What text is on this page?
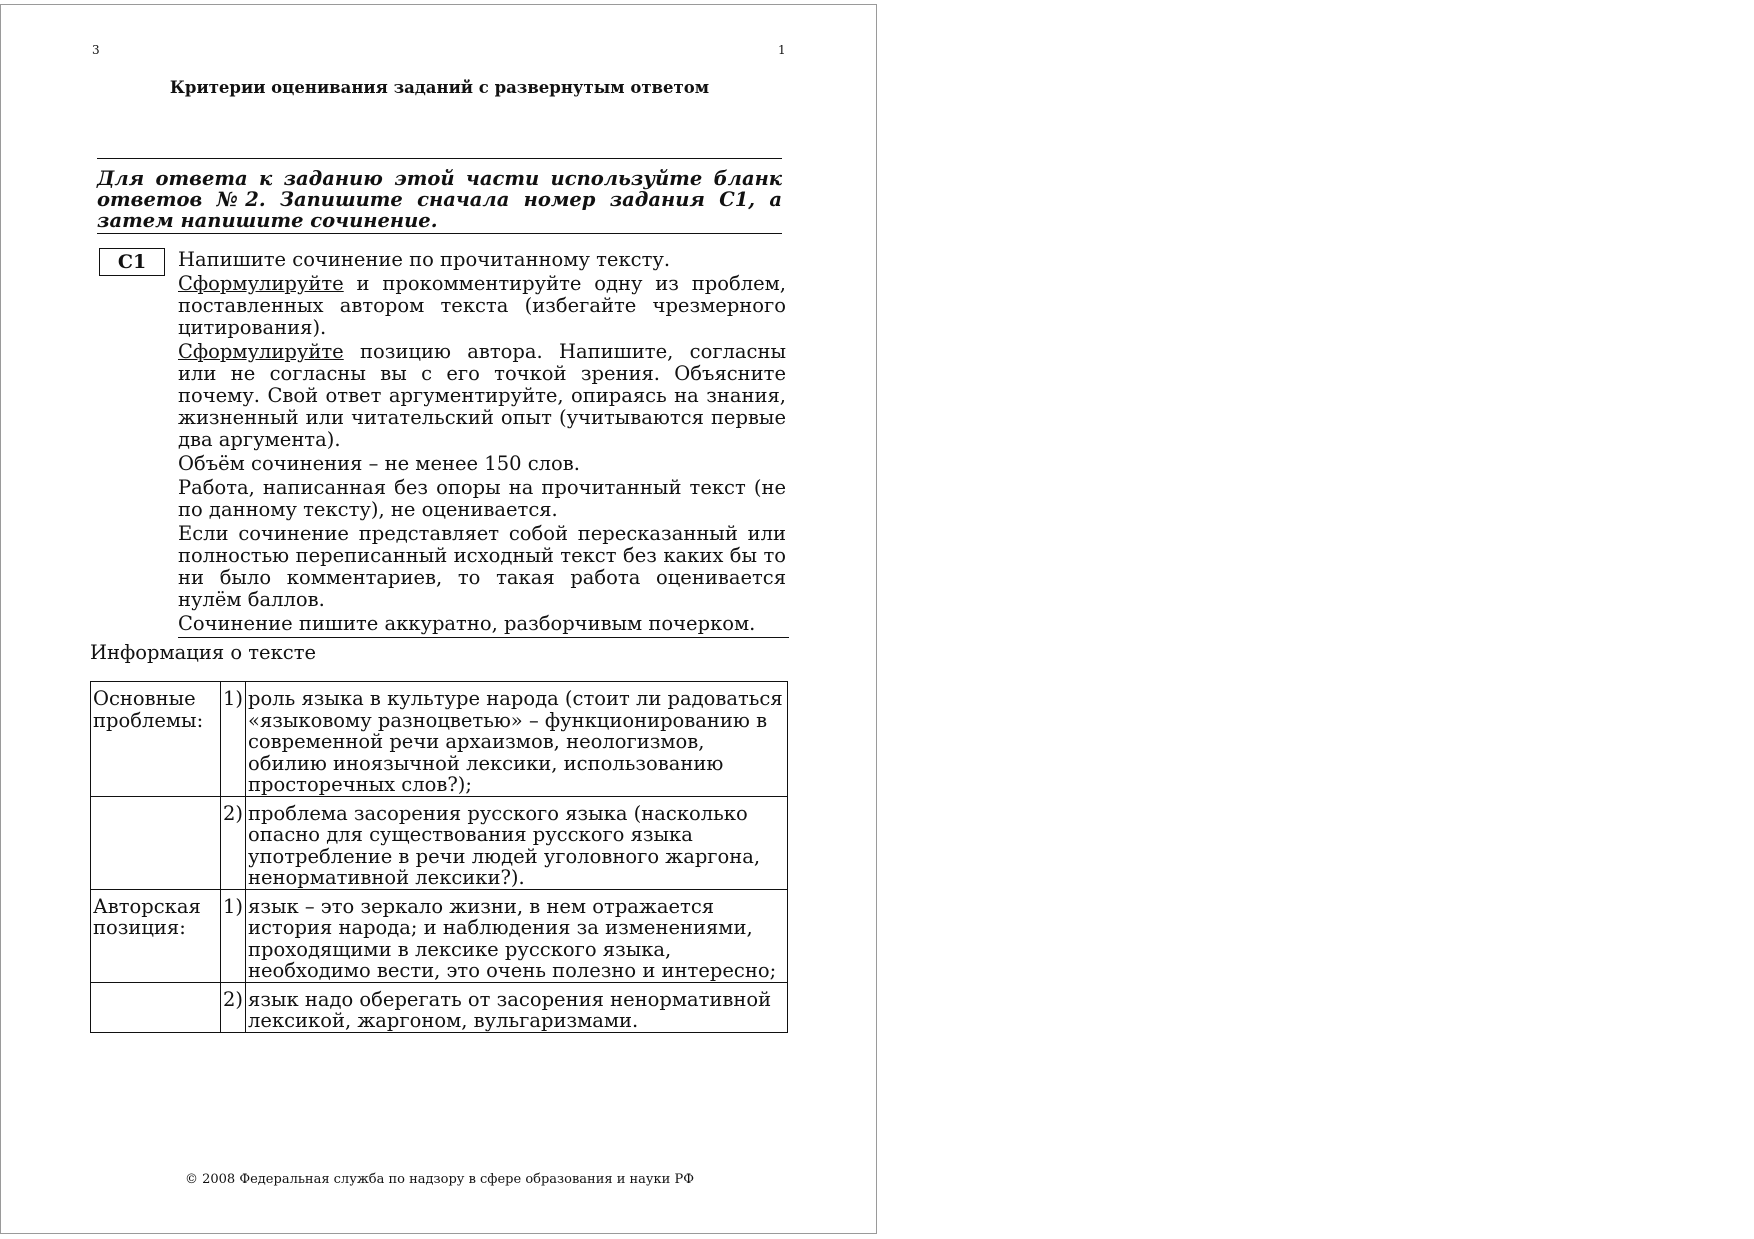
3	1
Критерии оценивания заданий с развернутым ответом
Для ответа к заданию этой части используйте бланк ответов №2. Запишите сначала номер задания С1, а затем напишите сочинение.
С1	Напишите сочинение по прочитанному тексту.

Сформулируйте и прокомментируйте одну из проблем, поставленных автором текста (избегайте чрезмерного цитирования).

Сформулируйте позицию автора. Напишите, согласны или не согласны вы с его точкой зрения. Объясните почему. Свой ответ аргументируйте, опираясь на знания, жизненный или читательский опыт (учитываются первые два аргумента).

Объём сочинения – не менее 150 слов.

Работа, написанная без опоры на прочитанный текст (не по данному тексту), не оценивается.

Если сочинение представляет собой пересказанный или полностью переписанный исходный текст без каких бы то ни было комментариев, то такая работа оценивается нулём баллов.

Сочинение пишите аккуратно, разборчивым почерком.

Информация о тексте
Основные проблемы:	1)	роль языка в культуре народа (стоит ли радоваться «языковому разноцветью» – функционированию в современной речи архаизмов, неологизмов, обилию иноязычной лексики, использованию просторечных слов?);
	2)	проблема засорения русского языка (насколько опасно для существования русского языка употребление в речи людей уголовного жаргона, ненормативной лексики?).
Авторская позиция:	1)	язык – это зеркало жизни, в нем отражается история народа; и наблюдения за изменениями, проходящими в лексике русского языка, необходимо вести, это очень полезно и интересно;
	2)	язык надо оберегать от засорения ненормативной лексикой, жаргоном, вульгаризмами.
© 2008 Федеральная служба по надзору в сфере образования и науки РФ
